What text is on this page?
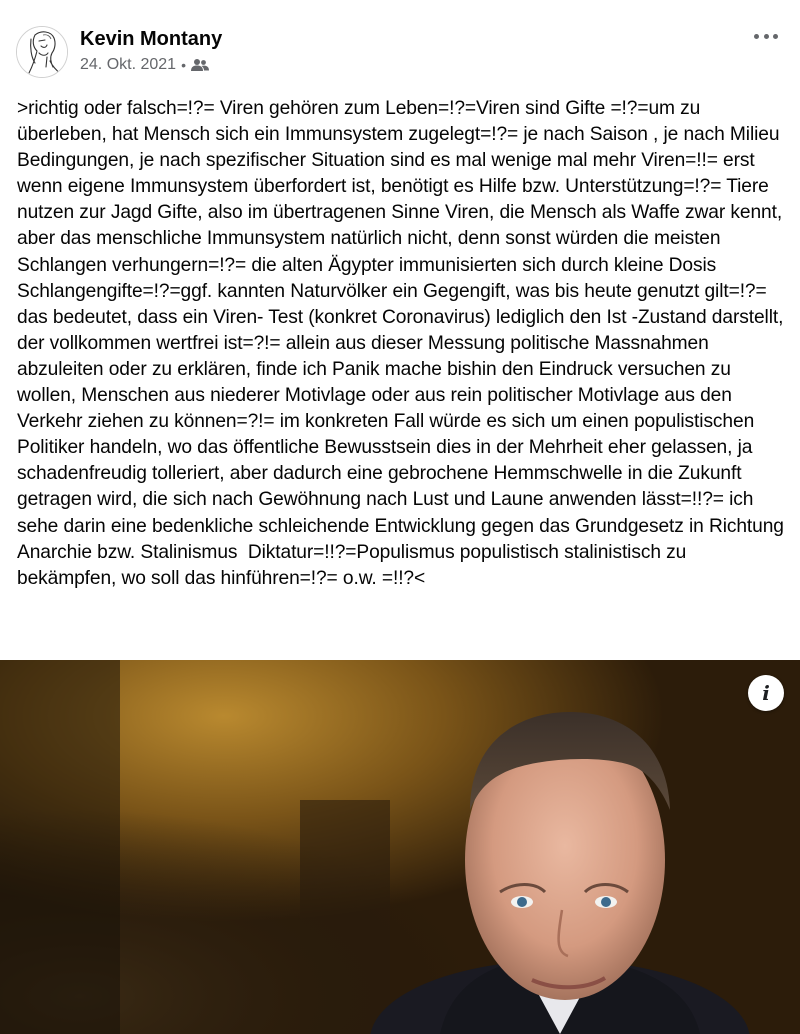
Kevin Montany
24. Okt. 2021 •
>richtig oder falsch=!?= Viren gehören zum Leben=!?=Viren sind Gifte =!?=um zu überleben, hat Mensch sich ein Immunsystem zugelegt=!?= je nach Saison , je nach Milieu Bedingungen, je nach spezifischer Situation sind es mal wenige mal mehr Viren=!!= erst wenn eigene Immunsystem überfordert ist, benötigt es Hilfe bzw. Unterstützung=!?= Tiere nutzen zur Jagd Gifte, also im übertragenen Sinne Viren, die Mensch als Waffe zwar kennt, aber das menschliche Immunsystem natürlich nicht, denn sonst würden die meisten Schlangen verhungern=!?= die alten Ägypter immunisierten sich durch kleine Dosis Schlangengifte=!?=ggf. kannten Naturvölker ein Gegengift, was bis heute genutzt gilt=!?= das bedeutet, dass ein Viren- Test (konkret Coronavirus) lediglich den Ist -Zustand darstellt, der vollkommen wertfrei ist=?!= allein aus dieser Messung politische Massnahmen abzuleiten oder zu erklären, finde ich Panik mache bishin den Eindruck versuchen zu wollen, Menschen aus niederer Motivlage oder aus rein politischer Motivlage aus den Verkehr ziehen zu können=?!= im konkreten Fall würde es sich um einen populistischen Politiker handeln, wo das öffentliche Bewusstsein dies in der Mehrheit eher gelassen, ja schadenfreudig tolleriert, aber dadurch eine gebrochene Hemmschwelle in die Zukunft getragen wird, die sich nach Gewöhnung nach Lust und Laune anwenden lässt=!!?= ich sehe darin eine bedenkliche schleichende Entwicklung gegen das Grundgesetz in Richtung Anarchie bzw. Stalinismus  Diktatur=!!?=Populismus populistisch stalinistisch zu bekämpfen, wo soll das hinführen=!?= o.w. =!!?<
i
